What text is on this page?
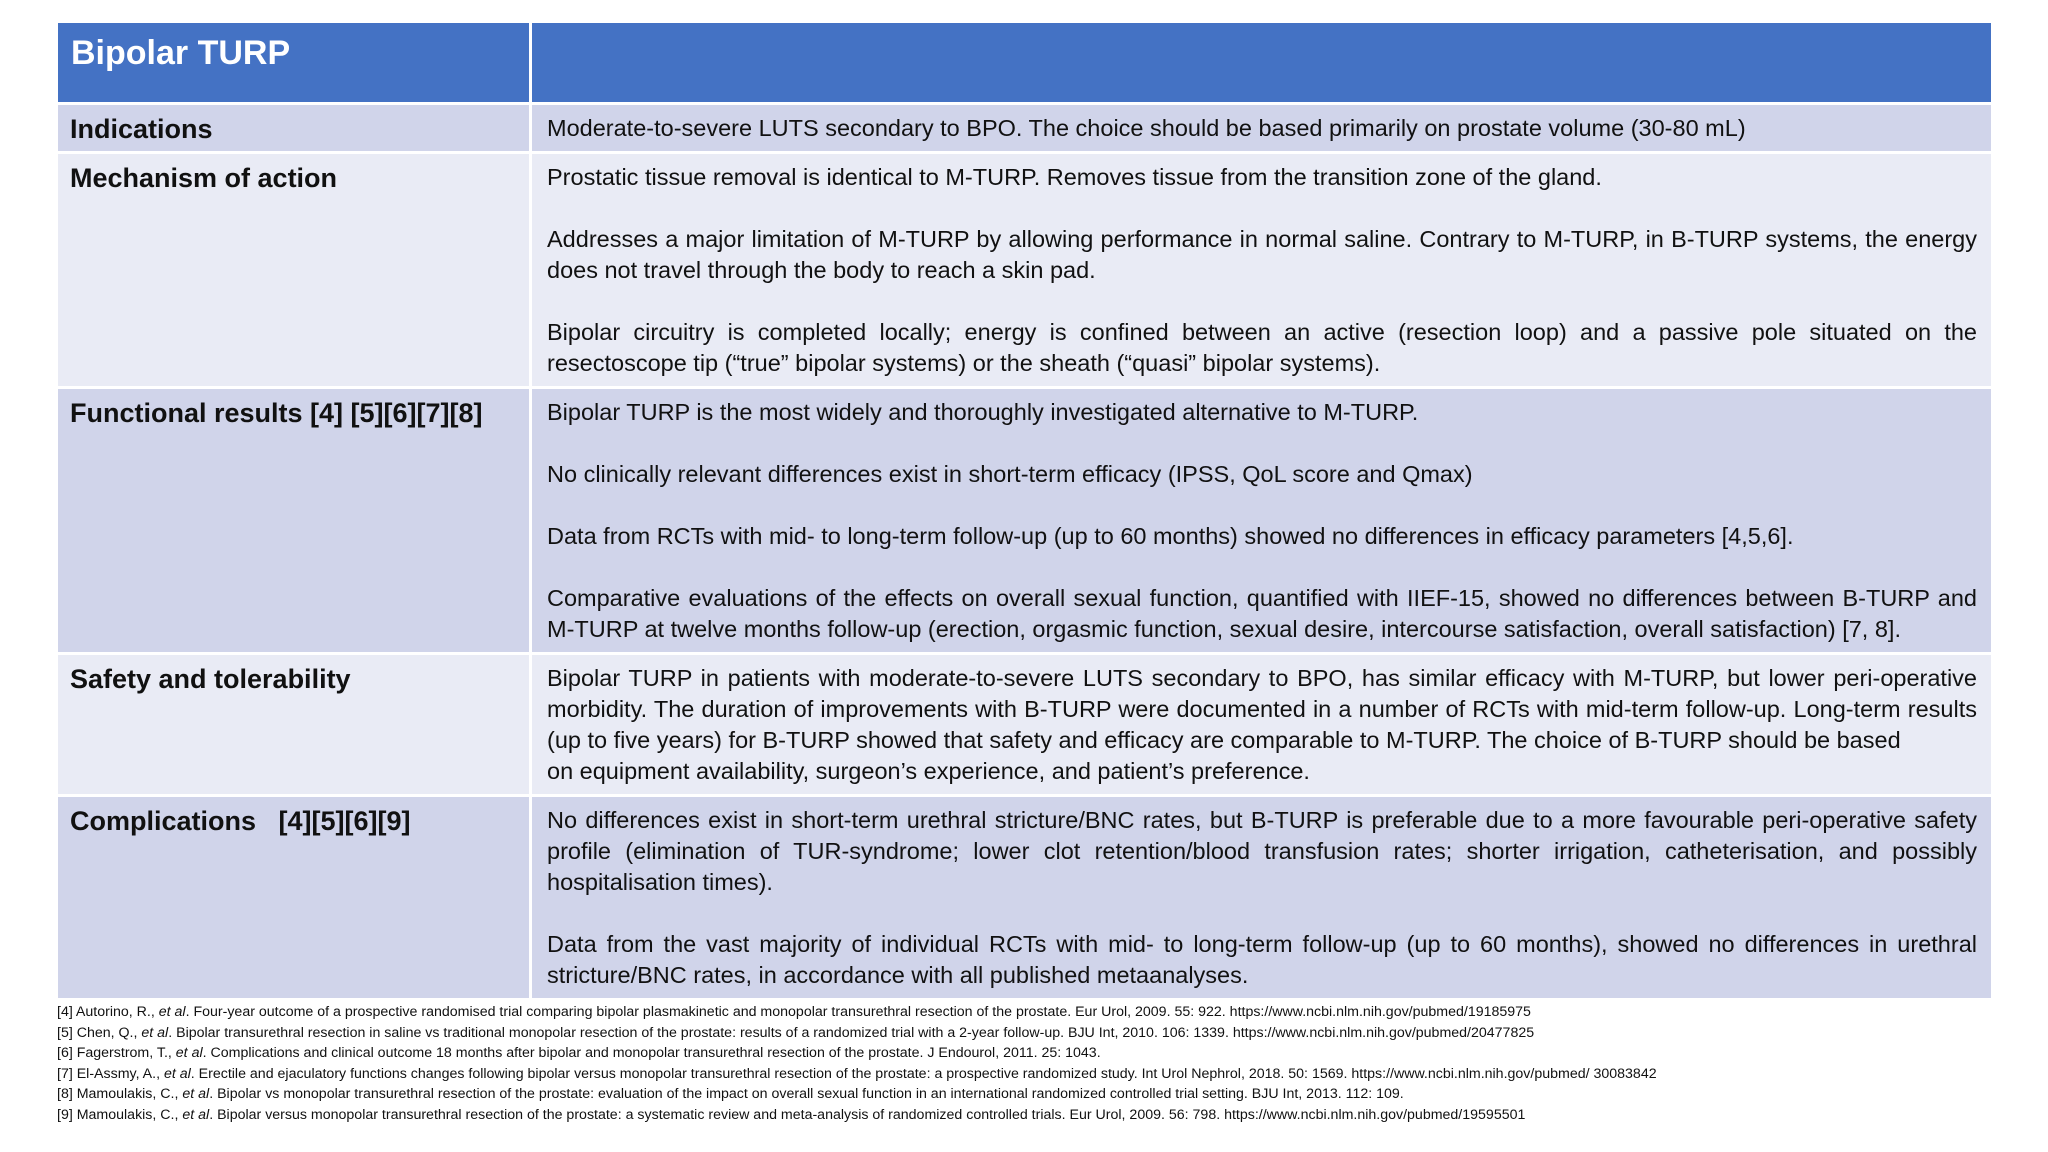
Bipolar TURP	

Indications	Moderate-to-severe LUTS secondary to BPO. The choice should be based primarily on prostate volume (30-80 mL)

Mechanism of action	Prostatic tissue removal is identical to M-TURP. Removes tissue from the transition zone of the gland.

Addresses a major limitation of M-TURP by allowing performance in normal saline. Contrary to M-TURP, in B-TURP systems, the energy does not travel through the body to reach a skin pad.

Bipolar circuitry is completed locally; energy is confined between an active (resection loop) and a passive pole situated on the resectoscope tip (“true” bipolar systems) or the sheath (“quasi” bipolar systems).

Functional results [4] [5][6][7][8]	Bipolar TURP is the most widely and thoroughly investigated alternative to M-TURP.

No clinically relevant differences exist in short-term efficacy (IPSS, QoL score and Qmax)

Data from RCTs with mid- to long-term follow-up (up to 60 months) showed no differences in efficacy parameters [4,5,6].

Comparative evaluations of the effects on overall sexual function, quantified with IIEF-15, showed no differences between B-TURP and M-TURP at twelve months follow-up (erection, orgasmic function, sexual desire, intercourse satisfaction, overall satisfaction) [7, 8].

Safety and tolerability	Bipolar TURP in patients with moderate-to-severe LUTS secondary to BPO, has similar efficacy with M-TURP, but lower peri-operative morbidity. The duration of improvements with B-TURP were documented in a number of RCTs with mid-term follow-up. Long-term results (up to five years) for B-TURP showed that safety and efficacy are comparable to M-TURP. The choice of B-TURP should be based

on equipment availability, surgeon’s experience, and patient’s preference.

Complications   [4][5][6][9]	No differences exist in short-term urethral stricture/BNC rates, but B-TURP is preferable due to a more favourable peri-operative safety profile (elimination of TUR-syndrome; lower clot retention/blood transfusion rates; shorter irrigation, catheterisation, and possibly hospitalisation times).

Data from the vast majority of individual RCTs with mid- to long-term follow-up (up to 60 months), showed no differences in urethral stricture/BNC rates, in accordance with all published metaanalyses.

[4] Autorino, R., et al. Four-year outcome of a prospective randomised trial comparing bipolar plasmakinetic and monopolar transurethral resection of the prostate. Eur Urol, 2009. 55: 922. https://www.ncbi.nlm.nih.gov/pubmed/19185975
[5] Chen, Q., et al. Bipolar transurethral resection in saline vs traditional monopolar resection of the prostate: results of a randomized trial with a 2-year follow-up. BJU Int, 2010. 106: 1339. https://www.ncbi.nlm.nih.gov/pubmed/20477825
[6] Fagerstrom, T., et al. Complications and clinical outcome 18 months after bipolar and monopolar transurethral resection of the prostate. J Endourol, 2011. 25: 1043.
[7] El-Assmy, A., et al. Erectile and ejaculatory functions changes following bipolar versus monopolar transurethral resection of the prostate: a prospective randomized study. Int Urol Nephrol, 2018. 50: 1569. https://www.ncbi.nlm.nih.gov/pubmed/ 30083842
[8] Mamoulakis, C., et al. Bipolar vs monopolar transurethral resection of the prostate: evaluation of the impact on overall sexual function in an international randomized controlled trial setting. BJU Int, 2013. 112: 109.
[9] Mamoulakis, C., et al. Bipolar versus monopolar transurethral resection of the prostate: a systematic review and meta-analysis of randomized controlled trials. Eur Urol, 2009. 56: 798. https://www.ncbi.nlm.nih.gov/pubmed/19595501
